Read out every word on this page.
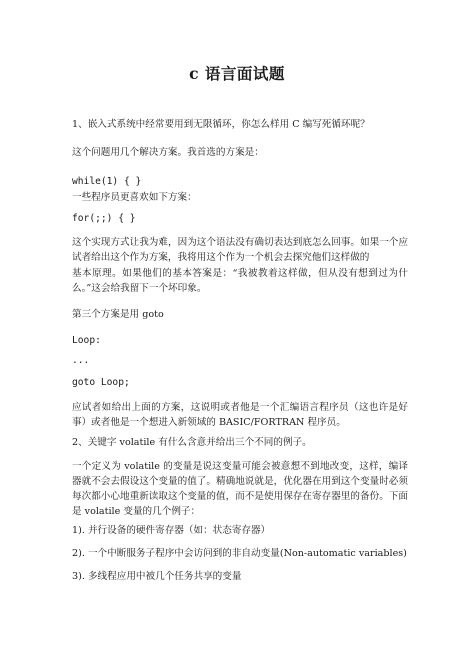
c 语言面试题
1、嵌入式系统中经常要用到无限循环，你怎么样用 C 编写死循环呢？
这个问题用几个解决方案。我首选的方案是：
while(1) { }
一些程序员更喜欢如下方案：
for(;;) { }
这个实现方式让我为难，因为这个语法没有确切表达到底怎么回事。如果一个应试者给出这个作为方案，我将用这个作为一个机会去探究他们这样做的
基本原理。如果他们的基本答案是：“我被教着这样做，但从没有想到过为什么。”这会给我留下一个坏印象。
第三个方案是用 goto
Loop:
...
goto Loop;
应试者如给出上面的方案，这说明或者他是一个汇编语言程序员（这也许是好事）或者他是一个想进入新领域的 BASIC/FORTRAN 程序员。
2、关键字 volatile 有什么含意并给出三个不同的例子。
一个定义为 volatile 的变量是说这变量可能会被意想不到地改变，这样，编译器就不会去假设这个变量的值了。精确地说就是，优化器在用到这个变量时必须每次都小心地重新读取这个变量的值，而不是使用保存在寄存器里的备份。下面是 volatile 变量的几个例子：
1). 并行设备的硬件寄存器（如：状态寄存器）
2). 一个中断服务子程序中会访问到的非自动变量(Non-automatic variables)
3). 多线程应用中被几个任务共享的变量
